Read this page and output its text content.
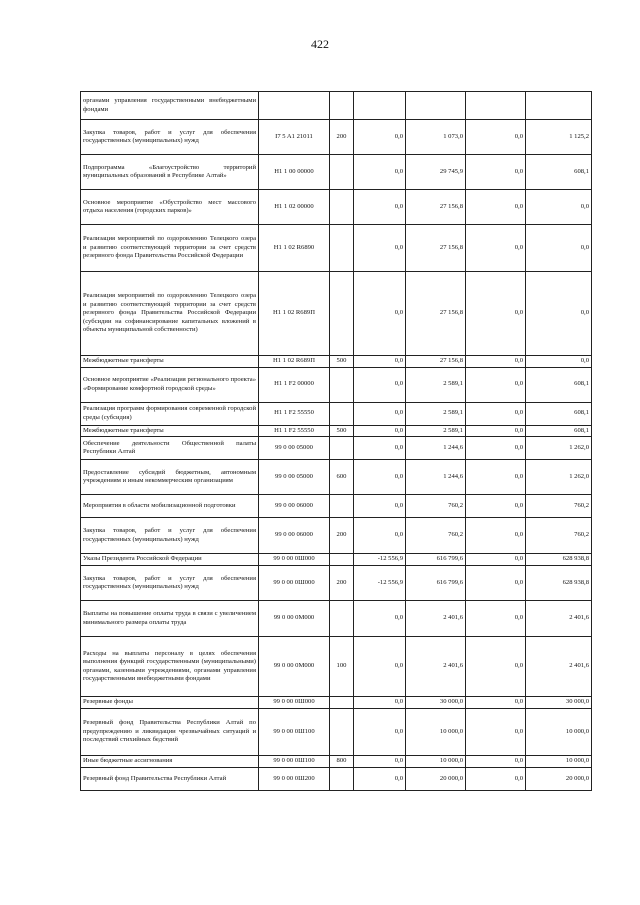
422
органами управления государственными внебюджетными фондами						
Закупка товаров, работ и услуг для обеспечения государственных (муниципальных) нужд	I7 5 A1 21011	200	0,0	1 073,0	0,0	1 125,2
Подпрограмма «Благоустройство территорий муниципальных образований в Республике Алтай»	H1 1 00 00000		0,0	29 745,9	0,0	608,1
Основное мероприятие «Обустройство мест массового отдыха населения (городских парков)»	H1 1 02 00000		0,0	27 156,8	0,0	0,0
Реализация мероприятий по оздоровлению Телецкого озера и развитию соответствующей территории за счет средств резервного фонда Правительства Российской Федерации	H1 1 02 R6890		0,0	27 156,8	0,0	0,0
Реализация мероприятий по оздоровлению Телецкого озера и развитию соответствующей территории за счет средств резервного фонда Правительства Российской Федерации (субсидии на софинансирование капитальных вложений в объекты муниципальной собственности)	H1 1 02 R689П		0,0	27 156,8	0,0	0,0
Межбюджетные трансферты	H1 1 02 R689П	500	0,0	27 156,8	0,0	0,0
Основное мероприятие «Реализация регионального проекта» «Формирование комфортной городской среды»	H1 1 F2 00000		0,0	2 589,1	0,0	608,1
Реализация программ формирования современной городской среды (субсидия)	H1 1 F2 55550		0,0	2 589,1	0,0	608,1
Межбюджетные трансферты	H1 1 F2 55550	500	0,0	2 589,1	0,0	608,1
Обеспечение деятельности Общественной палаты Республики Алтай	99 0 00 05000		0,0	1 244,6	0,0	1 262,0
Предоставление субсидий бюджетным, автономным учреждениям и иным некоммерческим организациям	99 0 00 05000	600	0,0	1 244,6	0,0	1 262,0
Мероприятия в области мобилизационной подготовки	99 0 00 06000		0,0	760,2	0,0	760,2
Закупка товаров, работ и услуг для обеспечения государственных (муниципальных) нужд	99 0 00 06000	200	0,0	760,2	0,0	760,2
Указы Президента Российской Федерации	99 0 00 0Ш000		-12 556,9	616 799,6	0,0	628 938,8
Закупка товаров, работ и услуг для обеспечения государственных (муниципальных) нужд	99 0 00 0Ш000	200	-12 556,9	616 799,6	0,0	628 938,8
Выплаты на повышение оплаты труда в связи с увеличением минимального размера оплаты труда	99 0 00 0M000		0,0	2 401,6	0,0	2 401,6
Расходы на выплаты персоналу в целях обеспечения выполнения функций государственными (муниципальными) органами, казенными учреждениями, органами управления государственными внебюджетными фондами	99 0 00 0M000	100	0,0	2 401,6	0,0	2 401,6
Резервные фонды	99 0 00 0Ш000		0,0	30 000,0	0,0	30 000,0
Резервный фонд Правительства Республики Алтай по предупреждению и ликвидации чрезвычайных ситуаций и последствий стихийных бедствий	99 0 00 0Ш100		0,0	10 000,0	0,0	10 000,0
Иные бюджетные ассигнования	99 0 00 0Ш100	800	0,0	10 000,0	0,0	10 000,0
Резервный фонд Правительства Республики Алтай	99 0 00 0Ш200		0,0	20 000,0	0,0	20 000,0
